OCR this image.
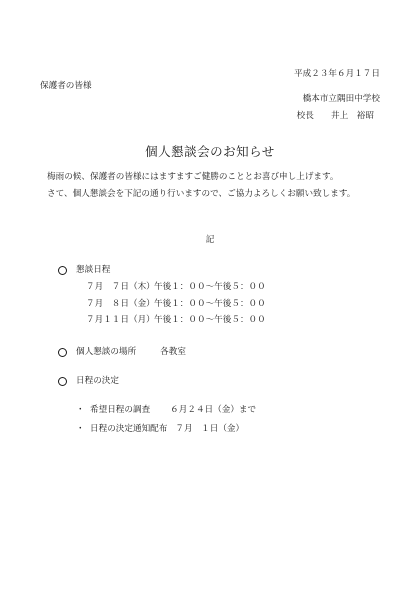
平成２３年６月１７日
保護者の皆様
橋本市立隅田中学校
校長　　井上　裕昭
個人懇談会のお知らせ
梅雨の候、保護者の皆様にはますますご健勝のこととお喜び申し上げます。
さて、個人懇談会を下記の通り行いますので、ご協力よろしくお願い致します。
記
懇談日程
７月　７日（木） 午後１：００～午後５：００
７月　８日（金） 午後１：００～午後５：００
７月１１日（月） 午後１：００～午後５：００
個人懇談の場所	各教室
日程の決定
・ 希望日程の調査 ６月２４日（金）まで
・ 日程の決定通知配布 ７月　１日（金）
